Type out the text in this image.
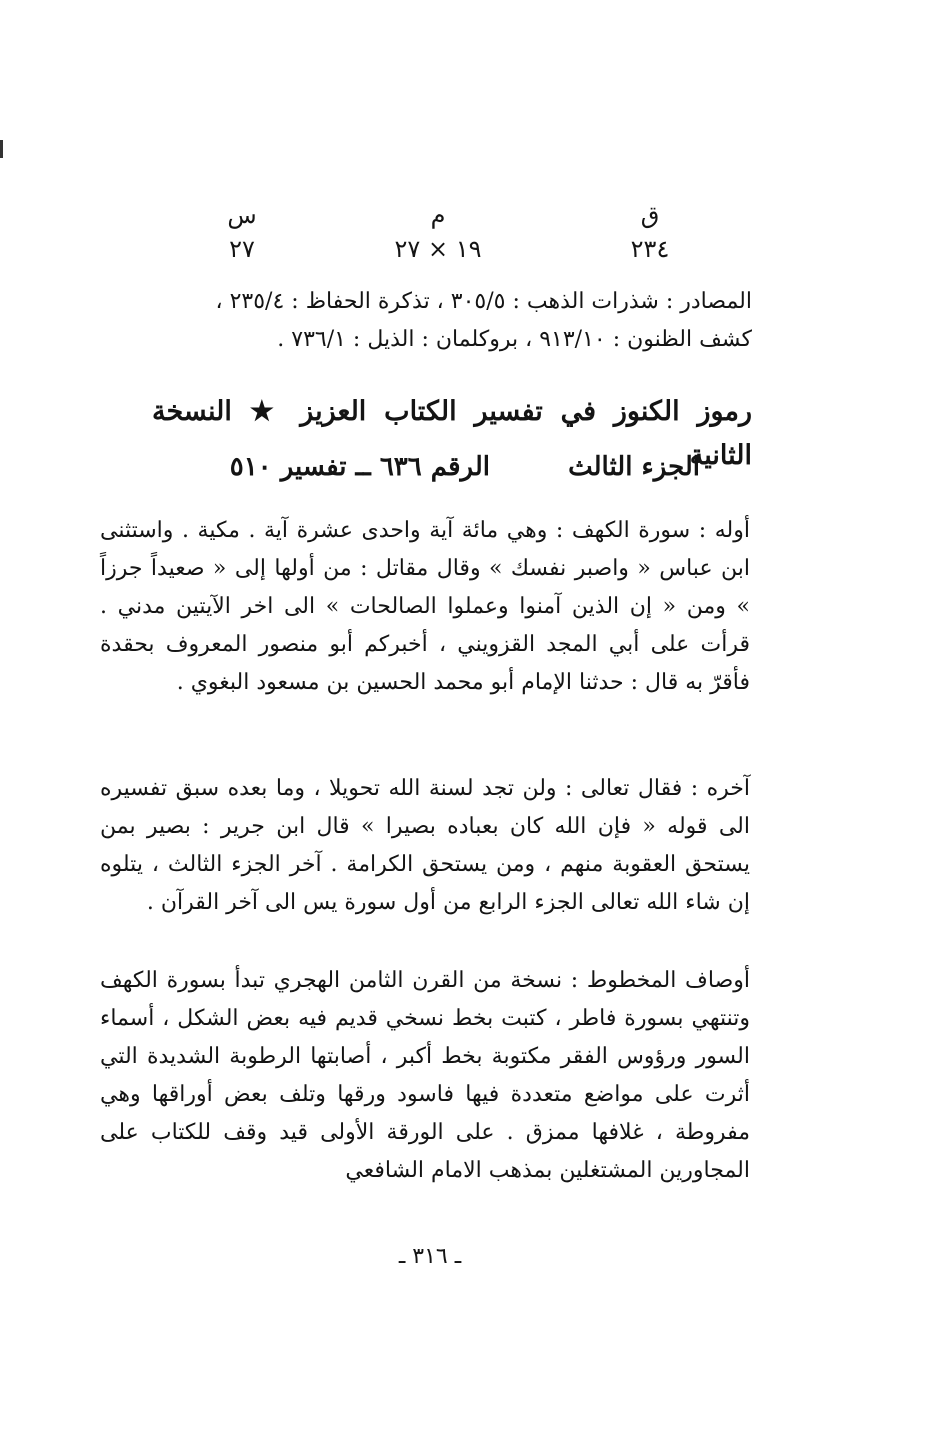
ق
٢٣٤
م
١٩ × ٢٧
س
٢٧

المصادر : شذرات الذهب : ٣٠٥/٥ ، تذكرة الحفاظ : ٢٣٥/٤ ،

كشف الظنون : ٩١٣/١٠ ، بروكلمان : الذيل : ٧٣٦/١ .

رموز الكنوز في تفسير الكتاب العزيز ★ النسخة الثانية
الجزء الثالث
الرقم ٦٣٦ ــ تفسير ٥١٠

أوله : سورة الكهف : وهي مائة آية واحدى عشرة آية . مكية . واستثنى ابن عباس « واصبر نفسك » وقال مقاتل : من أولها إلى « صعيداً جرزاً » ومن « إن الذين آمنوا وعملوا الصالحات » الى اخر الآيتين مدني . قرأت على أبي المجد القزويني ، أخبركم أبو منصور المعروف بحقدة فأقرّ به قال : حدثنا الإمام أبو محمد الحسين بن مسعود البغوي .

آخره : فقال تعالى : ولن تجد لسنة الله تحويلا ، وما بعده سبق تفسيره الى قوله « فإن الله كان بعباده بصيرا » قال ابن جرير : بصير بمن يستحق العقوبة منهم ، ومن يستحق الكرامة . آخر الجزء الثالث ، يتلوه إن شاء الله تعالى الجزء الرابع من أول سورة يس الى آخر القرآن .

أوصاف المخطوط : نسخة من القرن الثامن الهجري تبدأ بسورة الكهف وتنتهي بسورة فاطر ، كتبت بخط نسخي قديم فيه بعض الشكل ، أسماء السور ورؤوس الفقر مكتوبة بخط أكبر ، أصابتها الرطوبة الشديدة التي أثرت على مواضع متعددة فيها فاسود ورقها وتلف بعض أوراقها وهي مفروطة ، غلافها ممزق . على الورقة الأولى قيد وقف للكتاب على المجاورين المشتغلين بمذهب الامام الشافعي

ـ ٣١٦ ـ
